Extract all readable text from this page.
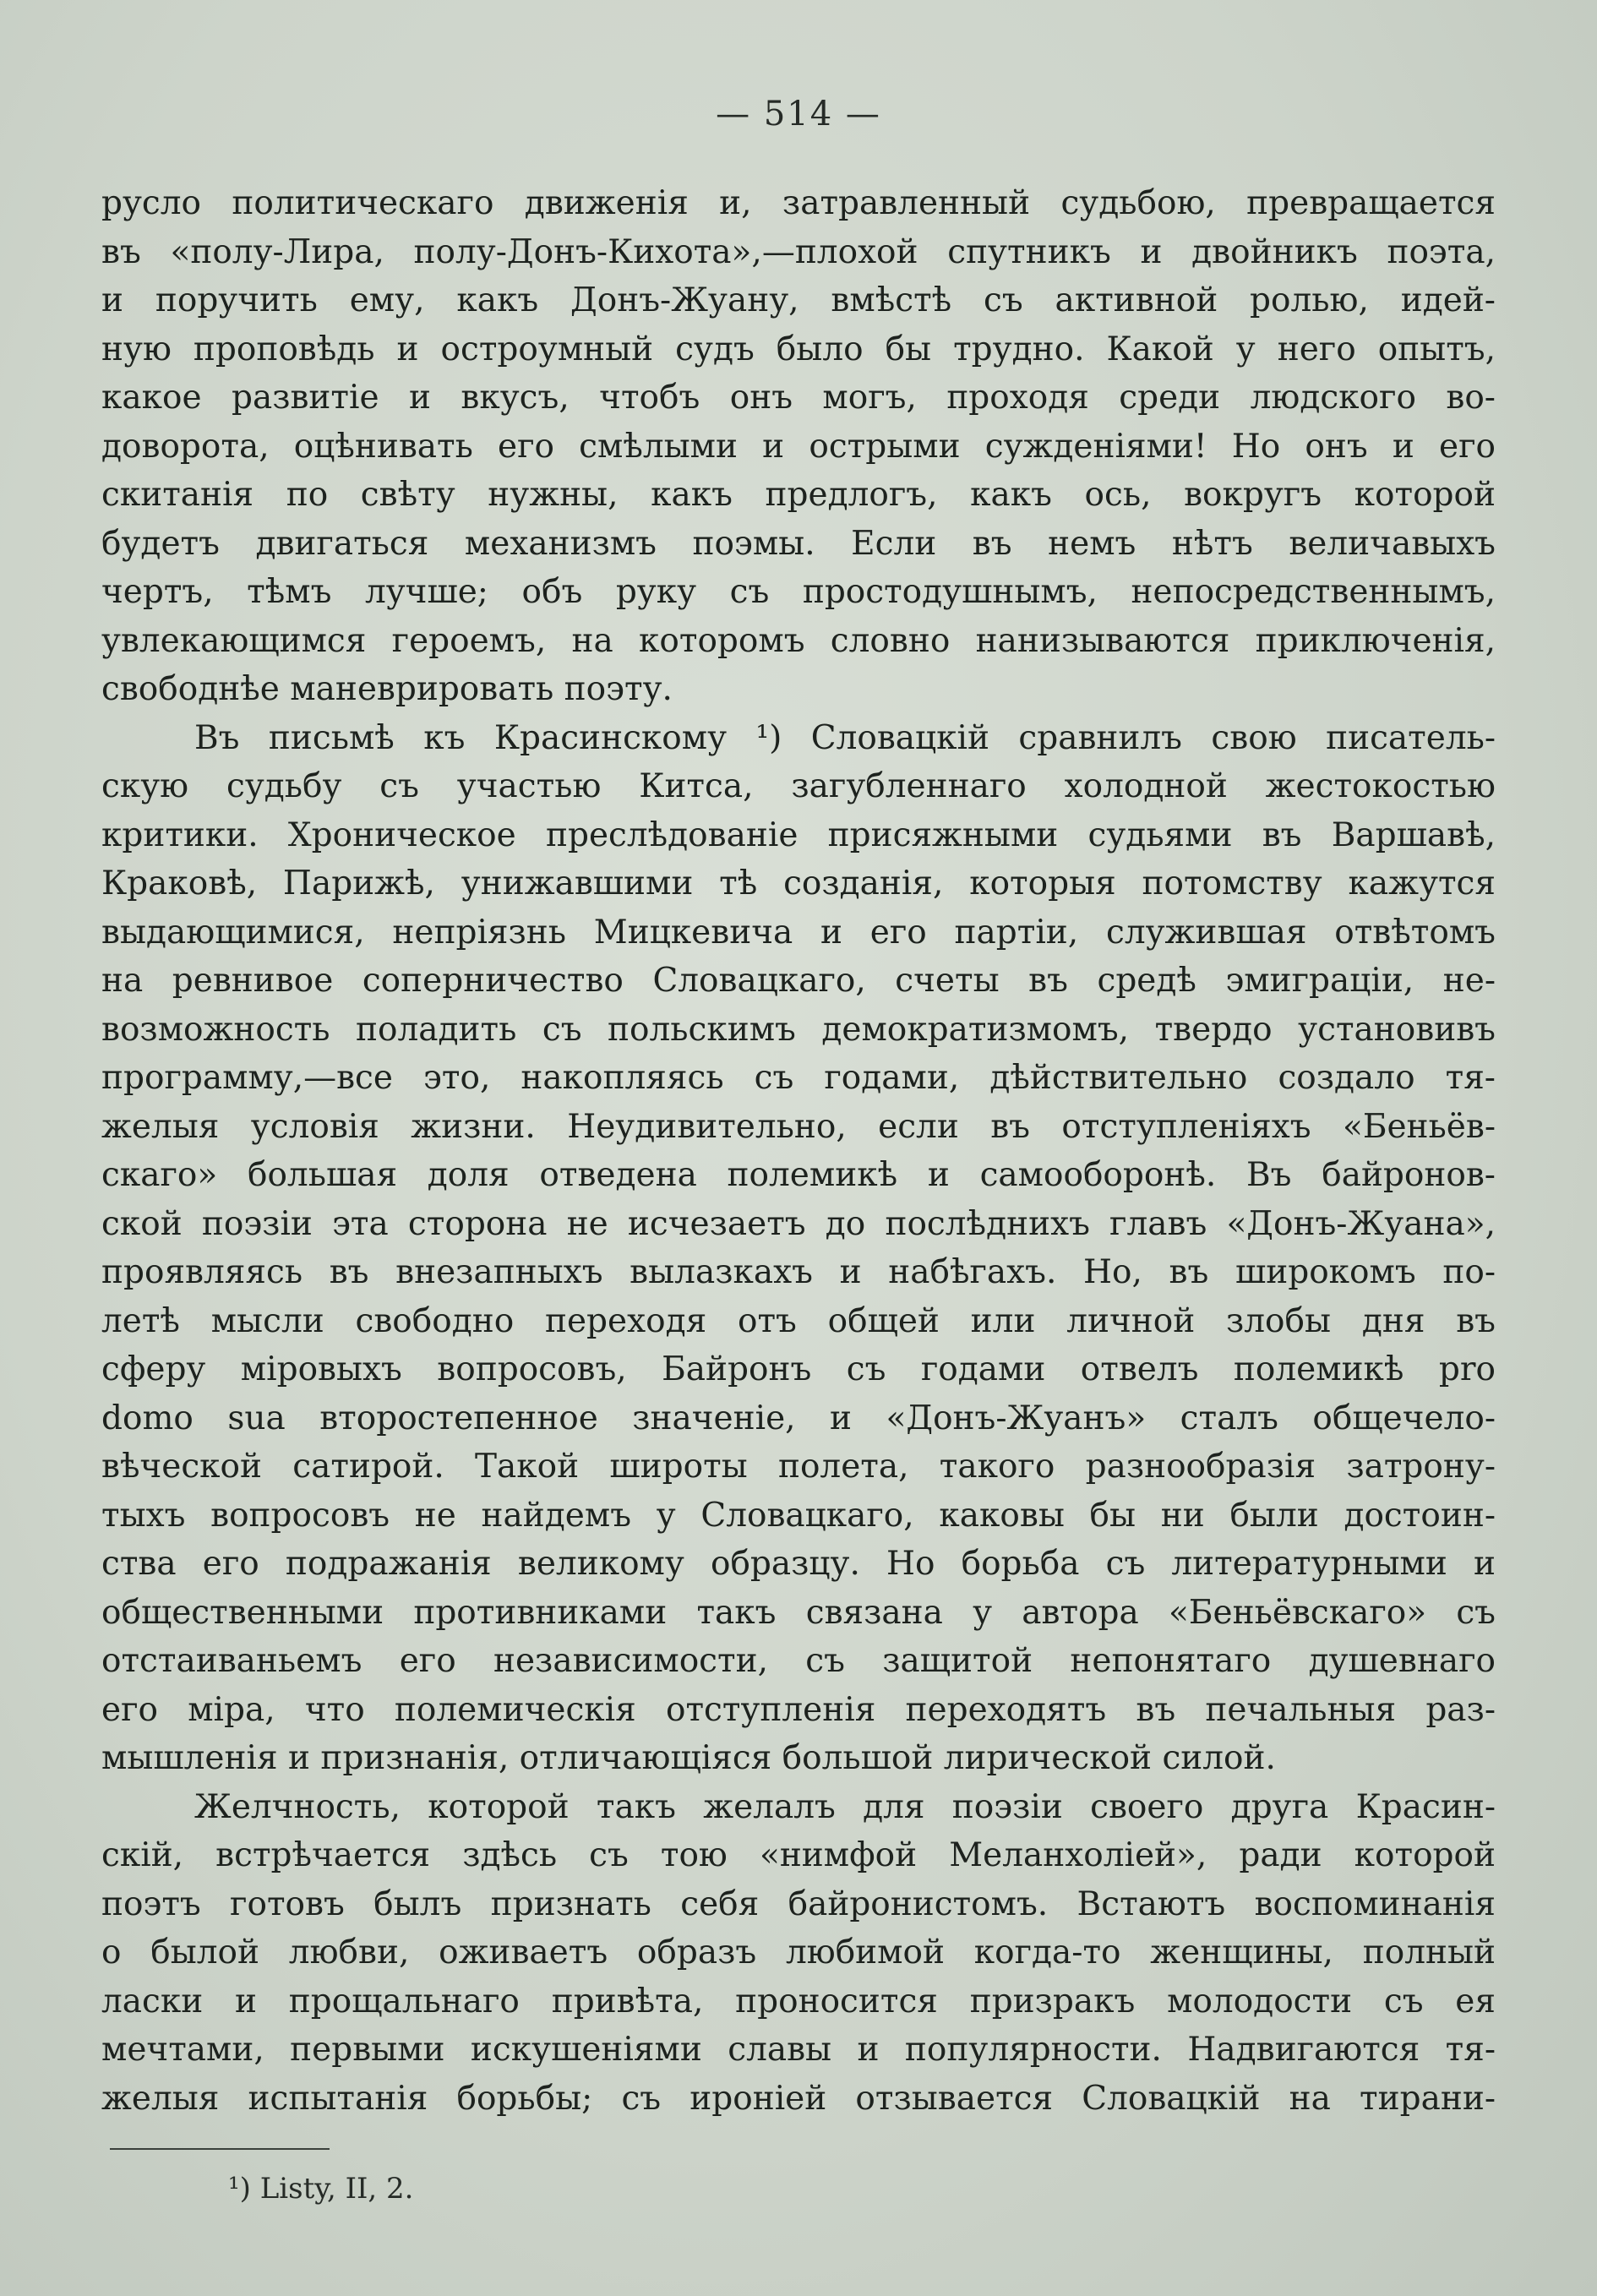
— 514 —
русло политическаго движенія и, затравленный судьбою, превращается
въ «полу-Лира, полу-Донъ-Кихота»,—плохой спутникъ и двойникъ поэта,
и поручить ему, какъ Донъ-Жуану, вмѣстѣ съ активной ролью, идей-
ную проповѣдь и остроумный судъ было бы трудно. Какой у него опытъ,
какое развитіе и вкусъ, чтобъ онъ могъ, проходя среди людского во-
доворота, оцѣнивать его смѣлыми и острыми сужденіями! Но онъ и его
скитанія по свѣту нужны, какъ предлогъ, какъ ось, вокругъ которой
будетъ двигаться механизмъ поэмы. Если въ немъ нѣтъ величавыхъ
чертъ, тѣмъ лучше; объ руку съ простодушнымъ, непосредственнымъ,
увлекающимся героемъ, на которомъ словно нанизываются приключенія,
свободнѣе маневрировать поэту.
Въ письмѣ къ Красинскому ¹) Словацкій сравнилъ свою писатель-
скую судьбу съ участью Китса, загубленнаго холодной жестокостью
критики. Хроническое преслѣдованіе присяжными судьями въ Варшавѣ,
Краковѣ, Парижѣ, унижавшими тѣ созданія, которыя потомству кажутся
выдающимися, непріязнь Мицкевича и его партіи, служившая отвѣтомъ
на ревнивое соперничество Словацкаго, счеты въ средѣ эмиграціи, не-
возможность поладить съ польскимъ демократизмомъ, твердо установивъ
программу,—все это, накопляясь съ годами, дѣйствительно создало тя-
желыя условія жизни. Неудивительно, если въ отступленіяхъ «Беньёв-
скаго» большая доля отведена полемикѣ и самооборонѣ. Въ байронов-
ской поэзіи эта сторона не исчезаетъ до послѣднихъ главъ «Донъ-Жуана»,
проявляясь въ внезапныхъ вылазкахъ и набѣгахъ. Но, въ широкомъ по-
летѣ мысли свободно переходя отъ общей или личной злобы дня въ
сферу міровыхъ вопросовъ, Байронъ съ годами отвелъ полемикѣ pro
domo sua второстепенное значеніе, и «Донъ-Жуанъ» сталъ общечело-
вѣческой сатирой. Такой широты полета, такого разнообразія затрону-
тыхъ вопросовъ не найдемъ у Словацкаго, каковы бы ни были достоин-
ства его подражанія великому образцу. Но борьба съ литературными и
общественными противниками такъ связана у автора «Беньёвскаго» съ
отстаиваньемъ его независимости, съ защитой непонятаго душевнаго
его міра, что полемическія отступленія переходятъ въ печальныя раз-
мышленія и признанія, отличающіяся большой лирической силой.
Желчность, которой такъ желалъ для поэзіи своего друга Красин-
скій, встрѣчается здѣсь съ тою «нимфой Меланхоліей», ради которой
поэтъ готовъ былъ признать себя байронистомъ. Встаютъ воспоминанія
о былой любви, оживаетъ образъ любимой когда-то женщины, полный
ласки и прощальнаго привѣта, проносится призракъ молодости съ ея
мечтами, первыми искушеніями славы и популярности. Надвигаются тя-
желыя испытанія борьбы; съ ироніей отзывается Словацкій на тирани-
¹) Listy, II, 2.
